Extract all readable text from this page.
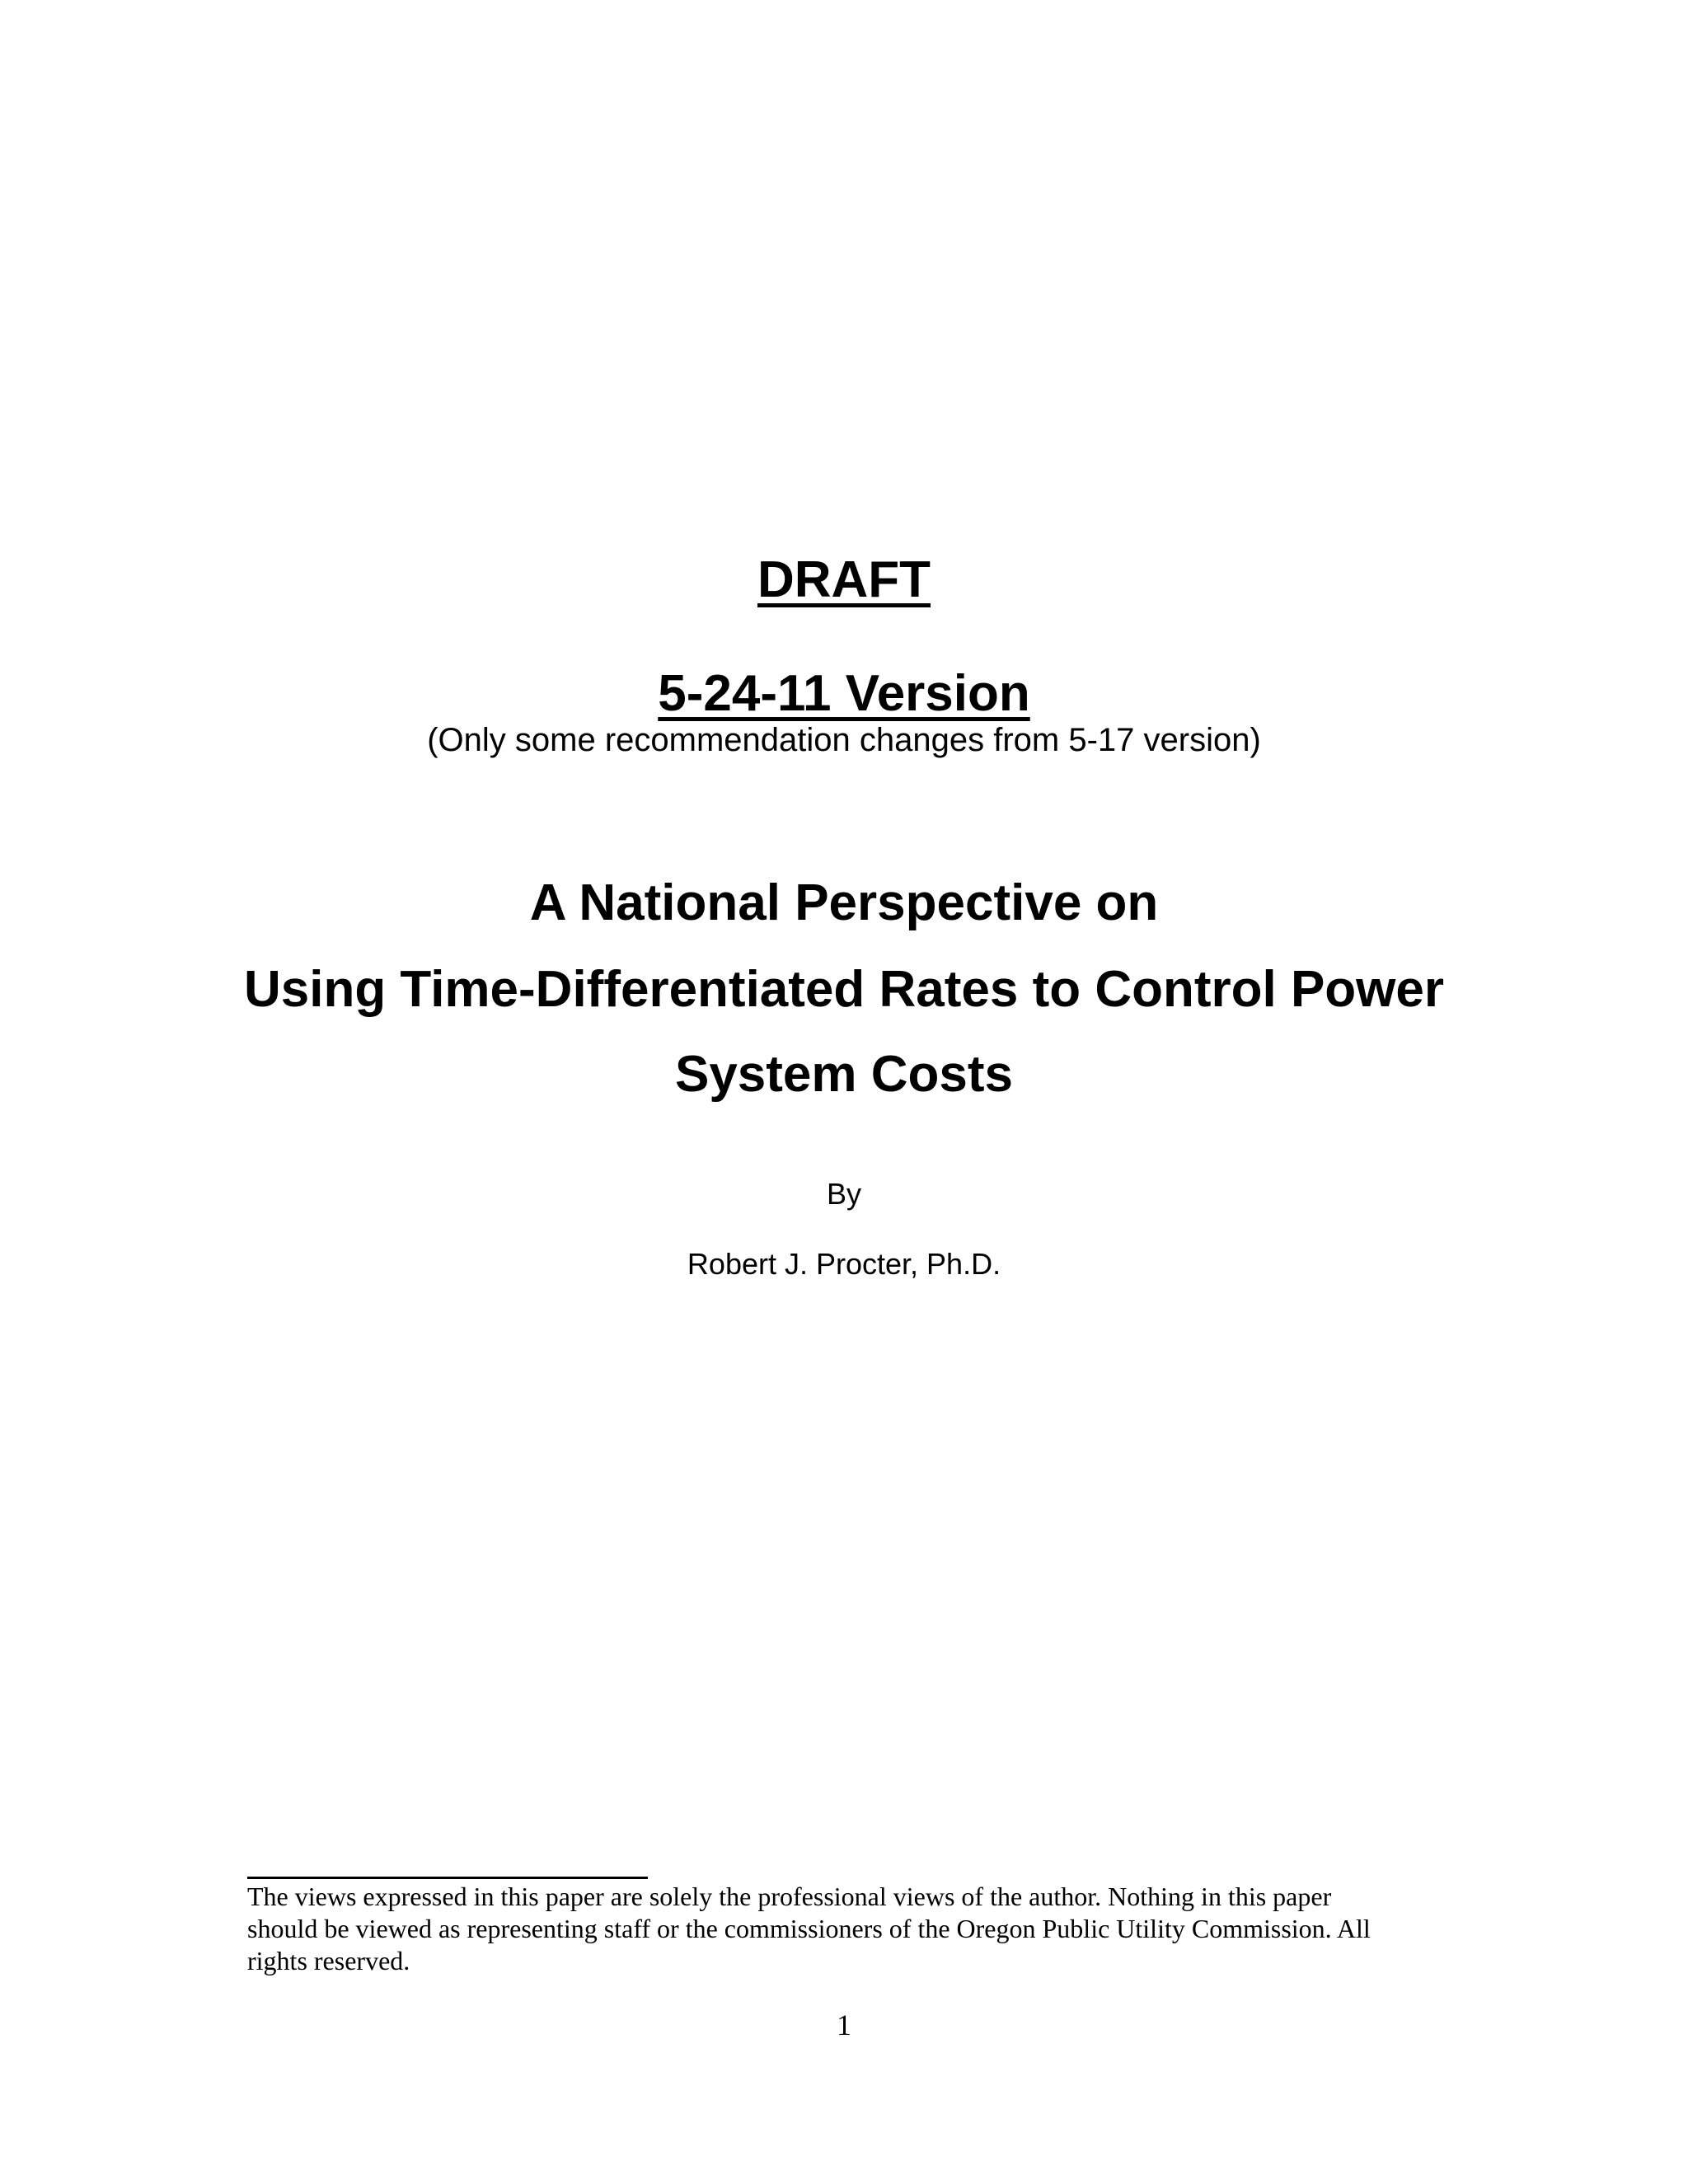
DRAFT
5-24-11 Version
(Only some recommendation changes from 5-17 version)
A National Perspective on
Using Time-Differentiated Rates to Control Power
System Costs
By
Robert J. Procter, Ph.D.
The views expressed in this paper are solely the professional views of the author. Nothing in this paper
should be viewed as representing staff or the commissioners of the Oregon Public Utility Commission. All
rights reserved.
1
